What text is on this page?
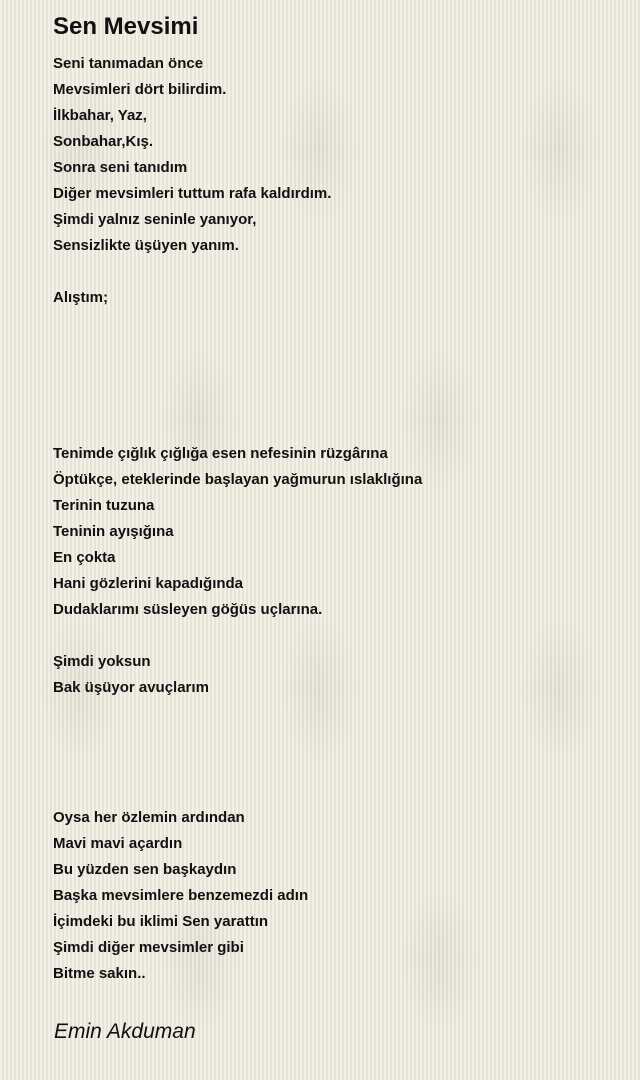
Sen Mevsimi
Seni tanımadan önce
Mevsimleri dört bilirdim.
İlkbahar, Yaz,
Sonbahar,Kış.
Sonra seni tanıdım
Diğer mevsimleri tuttum rafa kaldırdım.
Şimdi yalnız seninle yanıyor,
Sensizlikte üşüyen yanım.
Alıştım;
Tenimde çığlık çığlığa esen nefesinin rüzgârına
Öptükçe, eteklerinde başlayan yağmurun ıslaklığına
Terinin tuzuna
Teninin ayışığına
En çokta
Hani gözlerini kapadığında
Dudaklarımı süsleyen göğüs uçlarına.
Şimdi yoksun
Bak üşüyor avuçlarım
Oysa her özlemin ardından
Mavi mavi açardın
Bu yüzden sen başkaydın
Başka mevsimlere benzemezdi adın
İçimdeki bu iklimi Sen yarattın
Şimdi diğer mevsimler gibi
Bitme sakın..
Emin Akduman
